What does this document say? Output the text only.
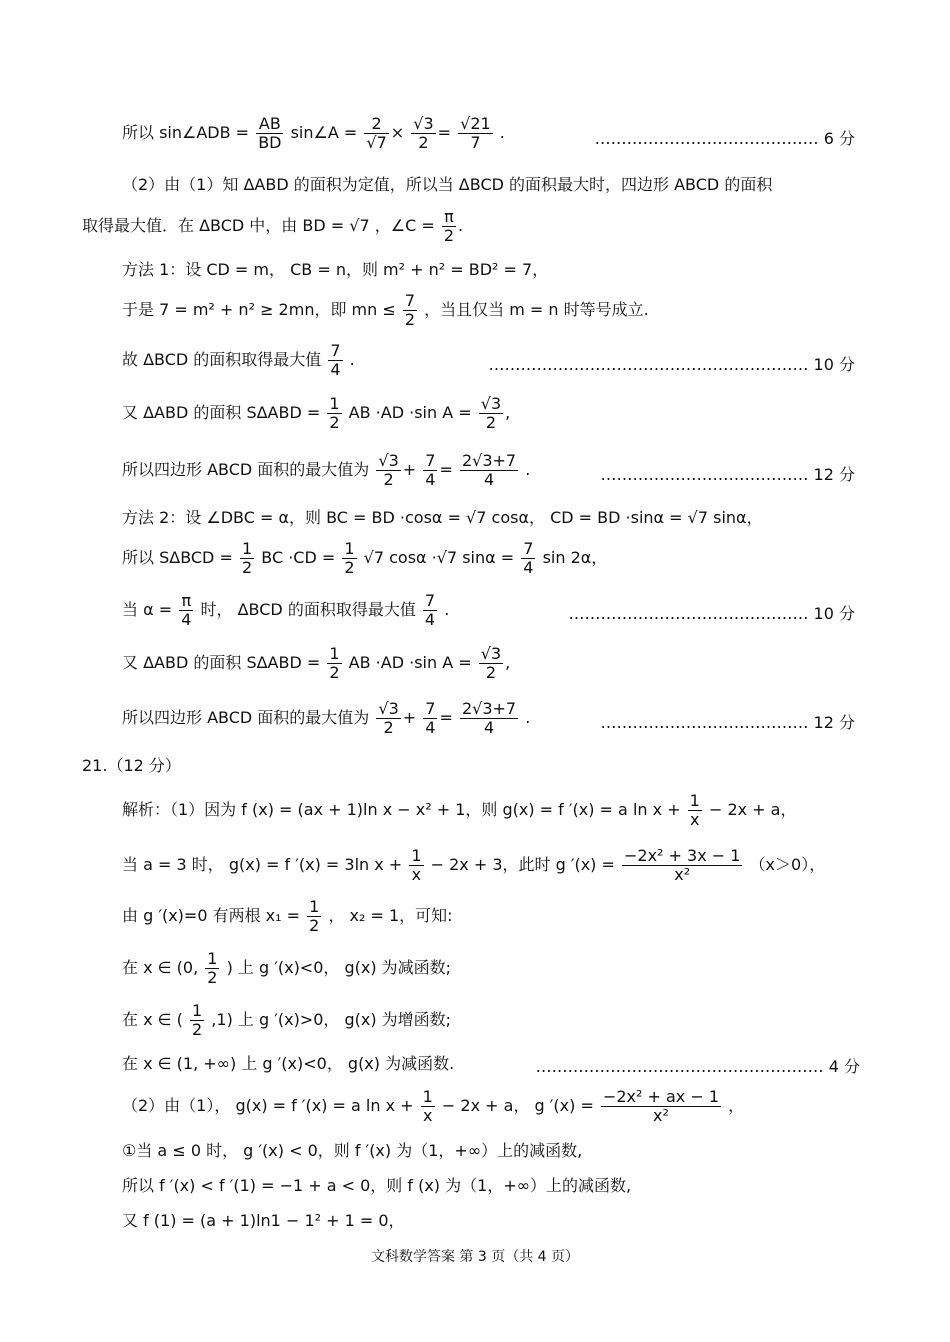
所以 sin∠ADB = $\frac{AB}{BD}$ sin∠A = $\frac{2}{√7} \times \frac{√3}{2} = \frac{√21}{7}$ .	…………………………………… 6 分
（2）由（1）知 ΔABD 的面积为定值，所以当 ΔBCD 的面积最大时，四边形 ABCD 的面积
取得最大值．在 ΔBCD 中，由 BD = √7 ，∠C = $\frac{\pi}{2}$ .
方法 1：设 CD = m， CB = n，则 m² + n² = BD² = 7，
于是 7 = m² + n² ≥ 2mn，即 mn ≤ $\frac{7}{2}$ ，当且仅当 m = n 时等号成立.
故 ΔBCD 的面积取得最大值 $\frac{7}{4}$ .	…………………………………………………… 10 分
又 ΔABD 的面积 $S\Delta ABD = \frac{1}{2}$ AB ·AD ·sin $A = \frac{√3}{2}$ ,
所以四边形 ABCD 面积的最大值为 $\frac{√3}{2} + \frac{7}{4} = \frac{2√3+7}{4}$ .	………………………………… 12 分
方法 2：设 ∠DBC = α，则 BC = BD ·cosα = √7 cosα， CD = BD ·sinα = √7 sinα，
所以 $S\Delta BCD = \frac{1}{2}$ BC $\cdot CD = \frac{1}{2} √7$ cosα ·√7 $\sin\alpha = \frac{7}{4}$ sin 2α，
当 $\alpha = \frac{\pi}{4}$ 时， ΔBCD 的面积取得最大值 $\frac{7}{4}$ .	……………………………………… 10 分
又 ΔABD 的面积 $S\Delta ABD = \frac{1}{2}$ AB ·AD ·sin $A = \frac{√3}{2}$ ,
所以四边形 ABCD 面积的最大值为 $\frac{√3}{2} + \frac{7}{4} = \frac{2√3+7}{4}$ .	………………………………… 12 分
21.（12 分）
解析：（1）因为 f (x) = (ax + 1)ln x − x² + 1，则 g(x) = f ′(x) = a $\ln x + \frac{1}{x} - 2x + a$，
当 a = 3 时， g(x) = f ′(x) = 3ln $x + \frac{1}{x} - 2x + 3$，此时 g $'(x) = \frac{\text{−2x² + 3x − 1}}{\text{x²}} (x>0)$，
由 g ′(x)=0 有两根 $x_1 = \frac{1}{2}$ ， x₂ = 1，可知:
在 x ∈ (0, $\frac{1}{2}$ ) 上 g ′(x)<0， g(x) 为减函数;
在 x ∈ ( $\frac{1}{2} ,1$) 上 g ′(x)>0， g(x) 为增函数;
在 x ∈ (1, +∞) 上 g ′(x)<0， g(x) 为减函数.	……………………………………………… 4 分
（2）由（1）， g(x) = f ′(x) = a $\ln x + \frac{1}{x} - 2x + a$， g $'(x) = \frac{\text{−2x² + ax − 1}}{\text{x²}}$ ，
①当 a ≤ 0 时， g ′(x) < 0，则 f ′(x) 为（1，+∞）上的减函数,
所以 f ′(x) < f ′(1) = −1 + a < 0，则 f (x) 为（1，+∞）上的减函数,
又 f (1) = (a + 1)ln1 − 1² + 1 = 0，
文科数学答案 第 3 页（共 4 页）
